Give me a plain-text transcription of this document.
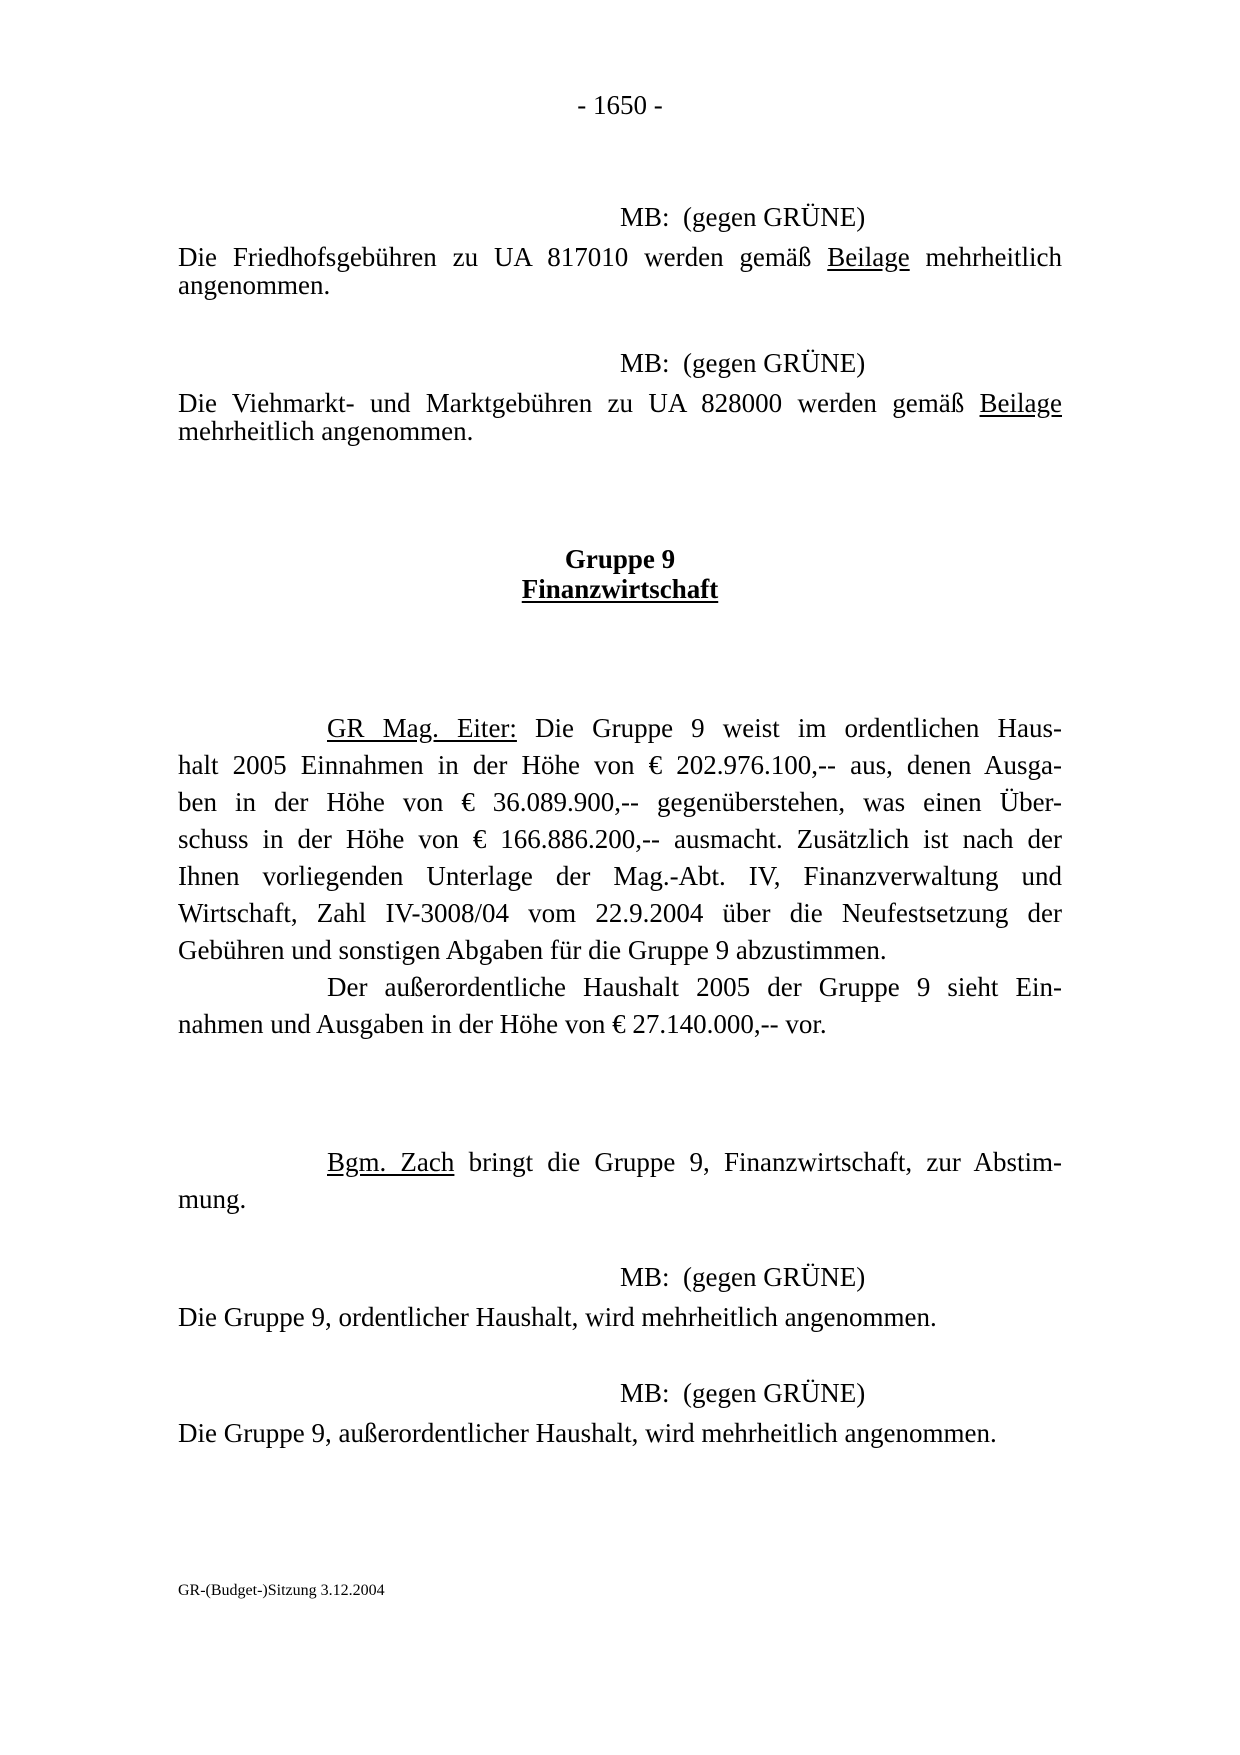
- 1650 -
MB: (gegen GRÜNE)
Die Friedhofsgebühren zu UA 817010 werden gemäß Beilage mehrheitlich angenommen.
MB: (gegen GRÜNE)
Die Viehmarkt- und Marktgebühren zu UA 828000 werden gemäß Beilage mehrheitlich angenommen.
Gruppe 9
Finanzwirtschaft
GR Mag. Eiter: Die Gruppe 9 weist im ordentlichen Haus-
halt 2005 Einnahmen in der Höhe von € 202.976.100,-- aus, denen Ausga-
ben in der Höhe von € 36.089.900,-- gegenüberstehen, was einen Über-
schuss in der Höhe von € 166.886.200,-- ausmacht. Zusätzlich ist nach der
Ihnen vorliegenden Unterlage der Mag.-Abt. IV, Finanzverwaltung und
Wirtschaft, Zahl IV-3008/04 vom 22.9.2004 über die Neufestsetzung der
Gebühren und sonstigen Abgaben für die Gruppe 9 abzustimmen.
Der außerordentliche Haushalt 2005 der Gruppe 9 sieht Ein-
nahmen und Ausgaben in der Höhe von € 27.140.000,-- vor.
Bgm. Zach bringt die Gruppe 9, Finanzwirtschaft, zur Abstim-
mung.
MB: (gegen GRÜNE)
Die Gruppe 9, ordentlicher Haushalt, wird mehrheitlich angenommen.
MB: (gegen GRÜNE)
Die Gruppe 9, außerordentlicher Haushalt, wird mehrheitlich angenommen.
GR-(Budget-)Sitzung 3.12.2004
